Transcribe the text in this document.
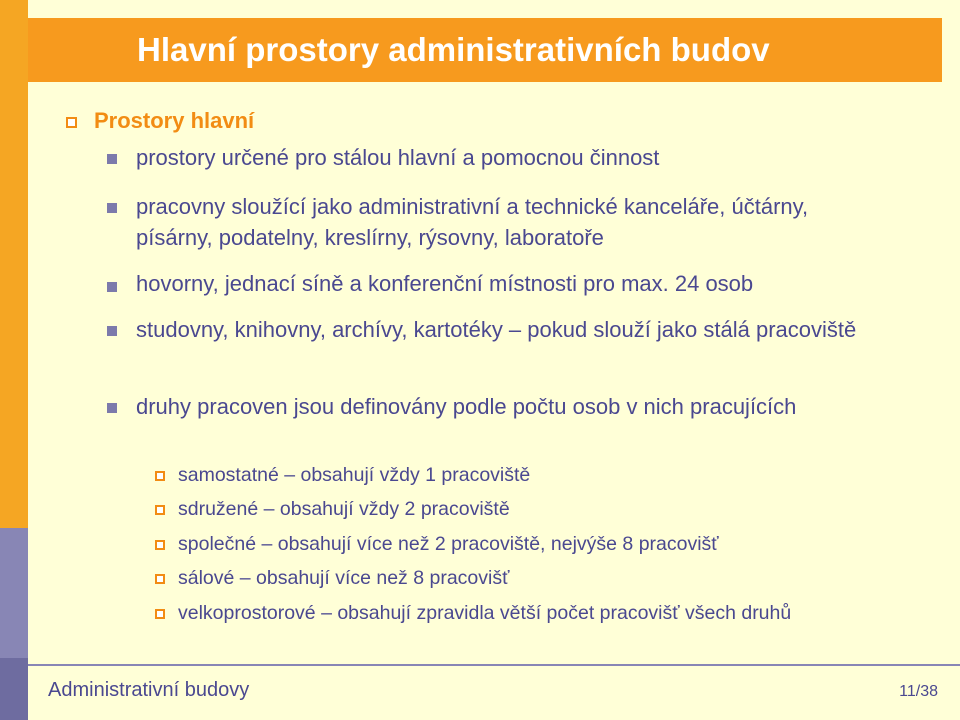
Hlavní prostory administrativních budov
Prostory hlavní
prostory určené pro stálou hlavní a pomocnou činnost
pracovny sloužící jako administrativní a technické kanceláře, účtárny, písárny, podatelny, kreslírny, rýsovny, laboratoře
hovorny, jednací síně a konferenční místnosti pro max. 24 osob
studovny, knihovny, archívy, kartotéky – pokud slouží jako stálá pracoviště
druhy pracoven jsou definovány podle počtu osob v nich pracujících
samostatné – obsahují vždy 1 pracoviště
sdružené – obsahují vždy 2 pracoviště
společné – obsahují více než 2 pracoviště, nejvýše 8 pracovišť
sálové – obsahují více než 8 pracovišť
velkoprostorové – obsahují zpravidla větší počet pracovišť všech druhů
Administrativní budovy	11/38
